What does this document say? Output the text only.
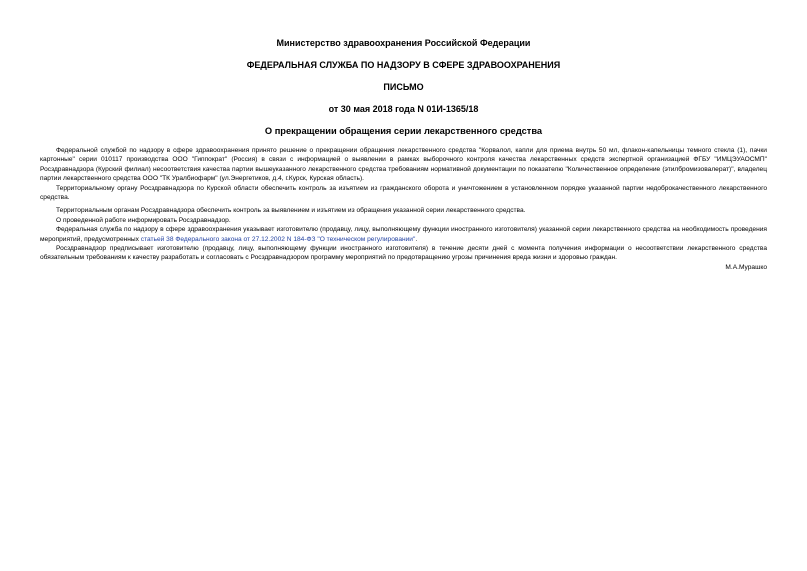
Министерство здравоохранения Российской Федерации
ФЕДЕРАЛЬНАЯ СЛУЖБА ПО НАДЗОРУ В СФЕРЕ ЗДРАВООХРАНЕНИЯ
ПИСЬМО
от 30 мая 2018 года N 01И-1365/18
О прекращении обращения серии лекарственного средства

Федеральной службой по надзору в сфере здравоохранения принято решение о прекращении обращения лекарственного средства "Корвалол, капли для приема внутрь 50 мл, флакон-капельницы темного стекла (1), пачки картонные" серии 010117 производства ООО "Гиппократ" (Россия) в связи с информацией о выявлении в рамках выборочного контроля качества лекарственных средств экспертной организацией ФГБУ "ИМЦЭУАОСМП" Росздравнадзора (Курский филиал) несоответствия качества партии вышеуказанного лекарственного средства требованиям нормативной документации по показателю "Количественное определение (этилбромизовалерат)", владелец партии лекарственного средства ООО "ТК Уралбиофарм" (ул.Энергетиков, д.4, г.Курск, Курская область).

Территориальному органу Росздравнадзора по Курской области обеспечить контроль за изъятием из гражданского оборота и уничтожением в установленном порядке указанной партии недоброкачественного лекарственного средства.

Территориальным органам Росздравнадзора обеспечить контроль за выявлением и изъятием из обращения указанной серии лекарственного средства.

О проведенной работе информировать Росздравнадзор.

Федеральная служба по надзору в сфере здравоохранения указывает изготовителю (продавцу, лицу, выполняющему функции иностранного изготовителя) указанной серии лекарственного средства на необходимость проведения мероприятий, предусмотренных статьей 38 Федерального закона от 27.12.2002 N 184-ФЗ "О техническом регулировании".

Росздравнадзор предписывает изготовителю (продавцу, лицу, выполняющему функции иностранного изготовителя) в течение десяти дней с момента получения информации о несоответствии лекарственного средства обязательным требованиям к качеству разработать и согласовать с Росздравнадзором программу мероприятий по предотвращению угрозы причинения вреда жизни и здоровью граждан.

М.А.Мурашко
